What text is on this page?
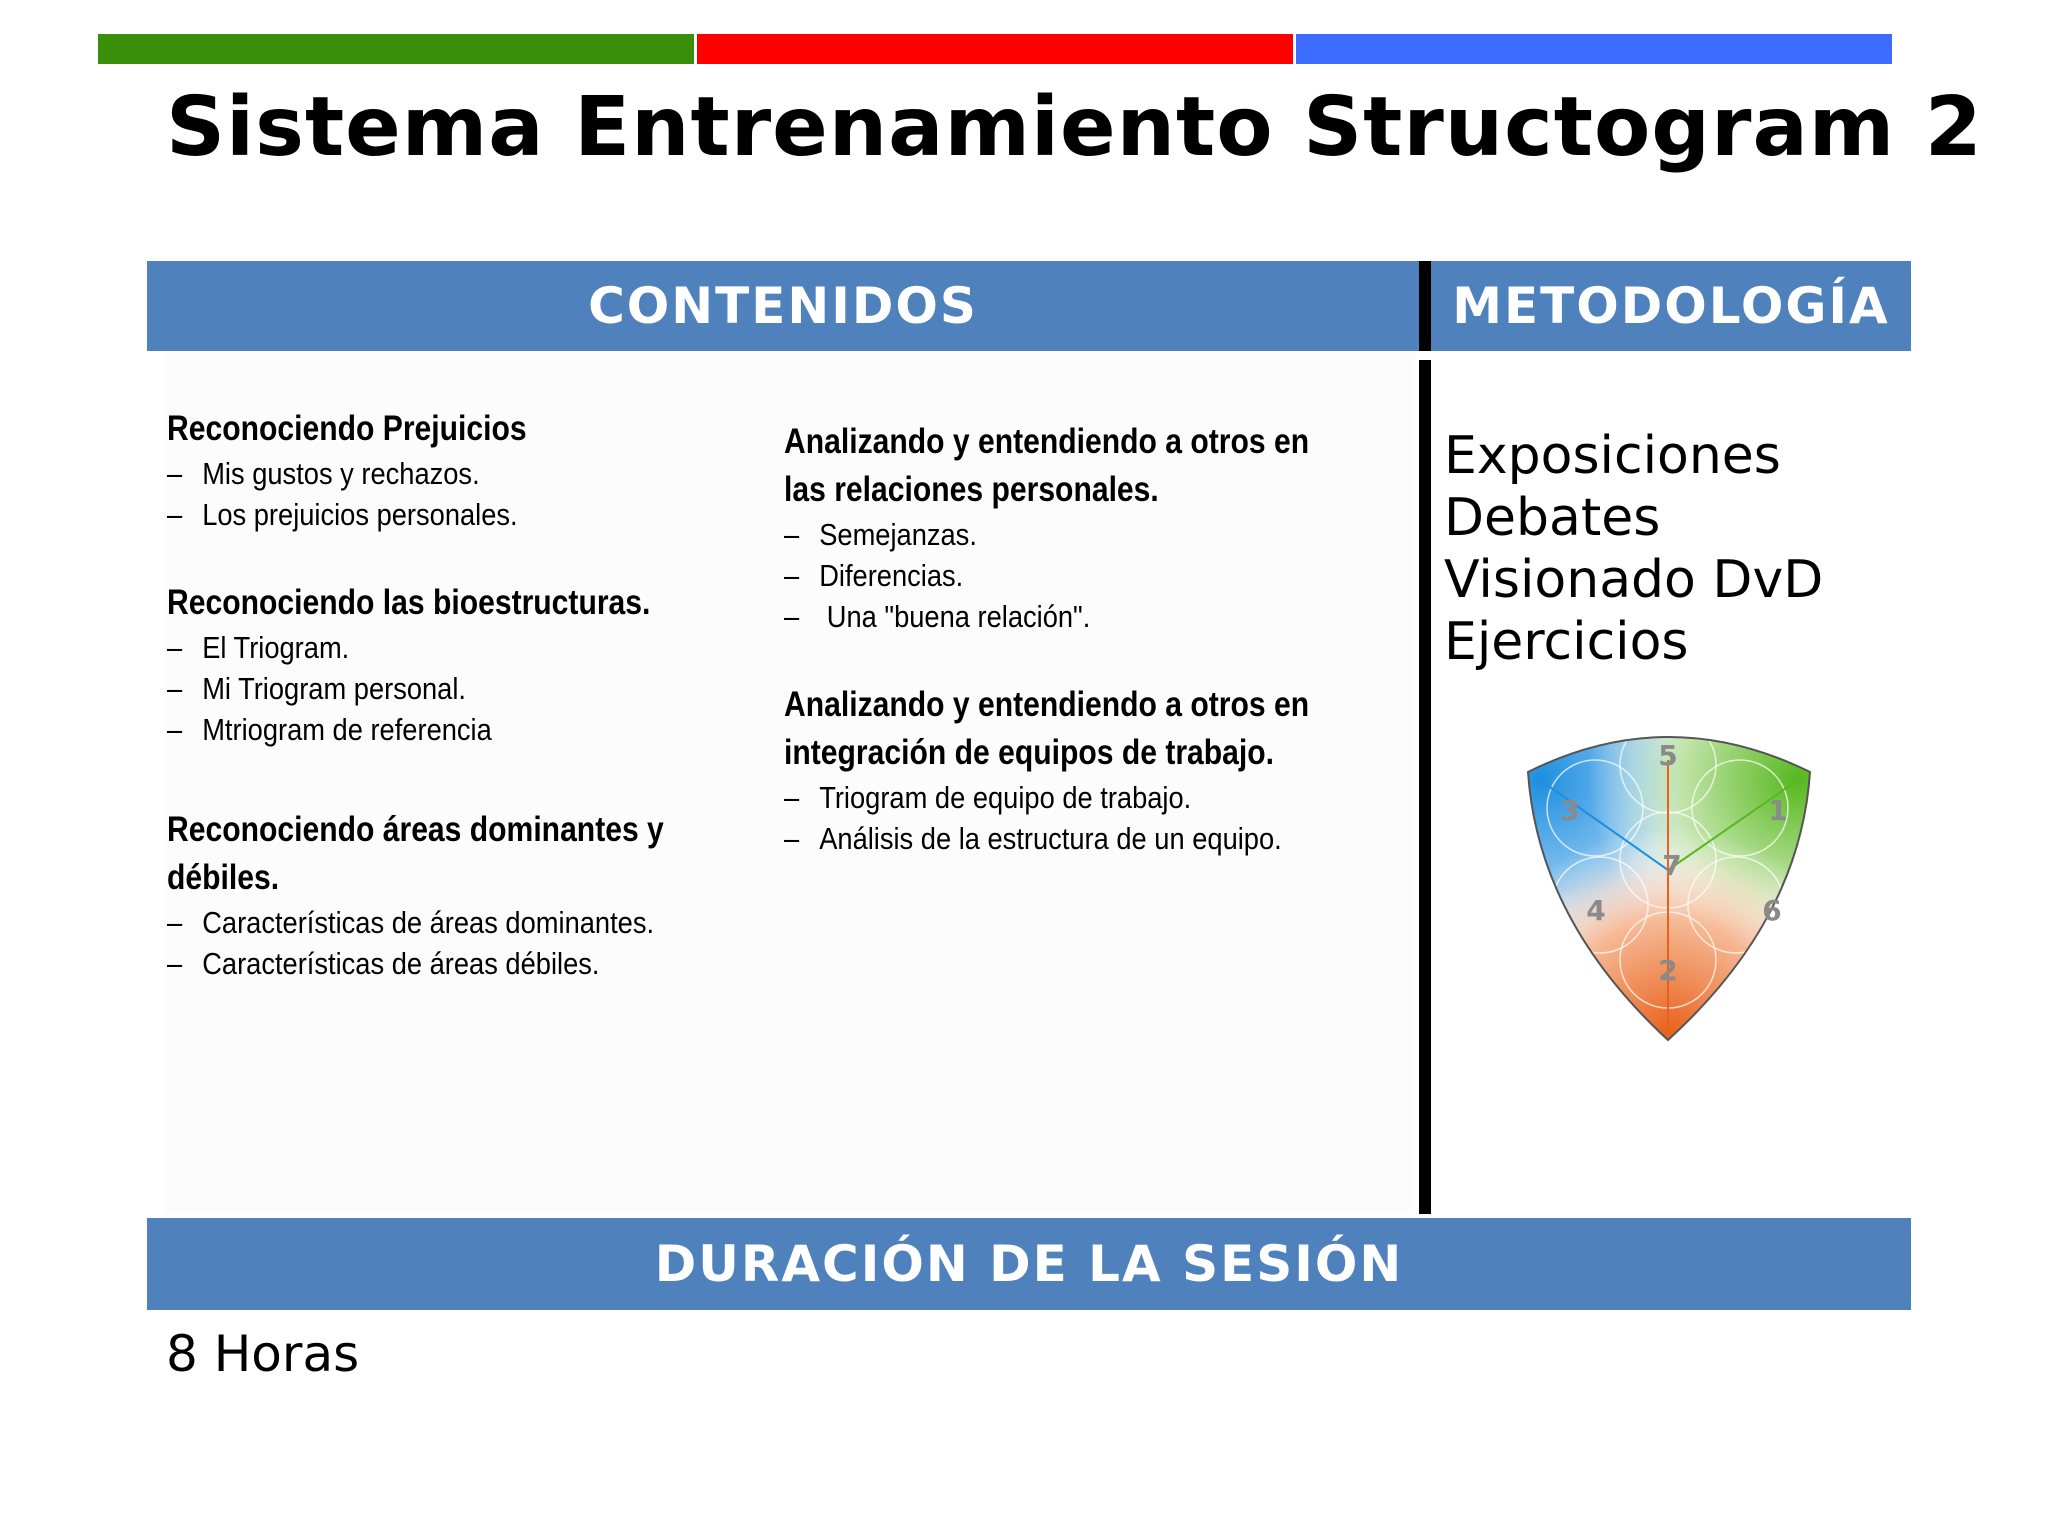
Sistema Entrenamiento Structogram 2
CONTENIDOS	METODOLOGÍA
Reconociendo Prejuicios
– Mis gustos y rechazos.
– Los prejuicios personales.
Reconociendo las bioestructuras.
– El Triogram.
– Mi Triogram personal.
– Mtriogram de referencia
Reconociendo áreas dominantes y
débiles.
– Características de áreas dominantes.
– Características de áreas débiles.
Analizando y entendiendo a otros en
las relaciones personales.
– Semejanzas.
– Diferencias.
– Una "buena relación".
Analizando y entendiendo a otros en
integración de equipos de trabajo.
– Triogram de equipo de trabajo.
– Análisis de la estructura de un equipo.
Exposiciones
Debates
Visionado DvD
Ejercicios
5
1
3
7
4	6
2
DURACIÓN DE LA SESIÓN
8 Horas
